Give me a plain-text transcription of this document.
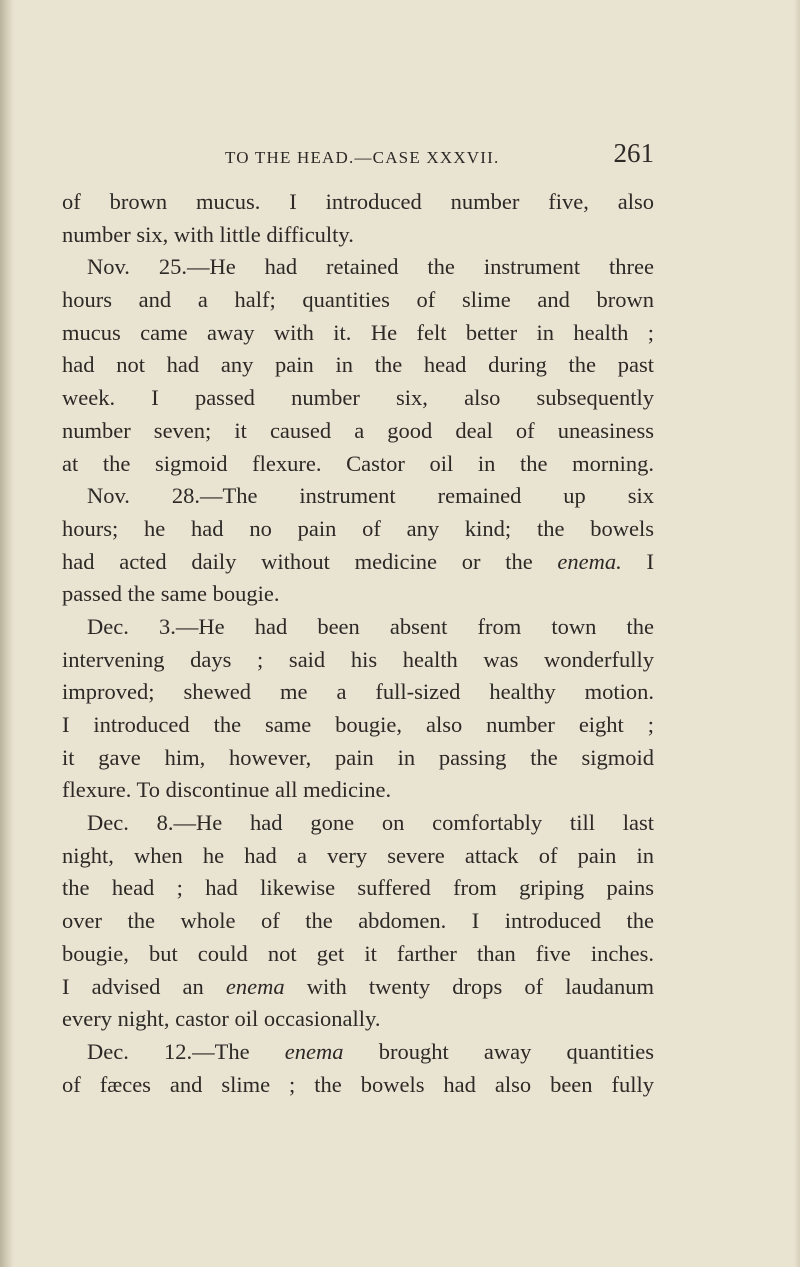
TO THE HEAD.—CASE XXXVII.	261
of brown mucus. I introduced number five, also
number six, with little difficulty.
Nov. 25.—He had retained the instrument three
hours and a half; quantities of slime and brown
mucus came away with it. He felt better in health ;
had not had any pain in the head during the past
week. I passed number six, also subsequently
number seven; it caused a good deal of uneasiness
at the sigmoid flexure. Castor oil in the morning.
Nov. 28.—The instrument remained up six
hours; he had no pain of any kind; the bowels
had acted daily without medicine or the enema. I
passed the same bougie.
Dec. 3.—He had been absent from town the
intervening days ; said his health was wonderfully
improved; shewed me a full-sized healthy motion.
I introduced the same bougie, also number eight ;
it gave him, however, pain in passing the sigmoid
flexure. To discontinue all medicine.
Dec. 8.—He had gone on comfortably till last
night, when he had a very severe attack of pain in
the head ; had likewise suffered from griping pains
over the whole of the abdomen. I introduced the
bougie, but could not get it farther than five inches.
I advised an enema with twenty drops of laudanum
every night, castor oil occasionally.
Dec. 12.—The enema brought away quantities
of fæces and slime ; the bowels had also been fully
